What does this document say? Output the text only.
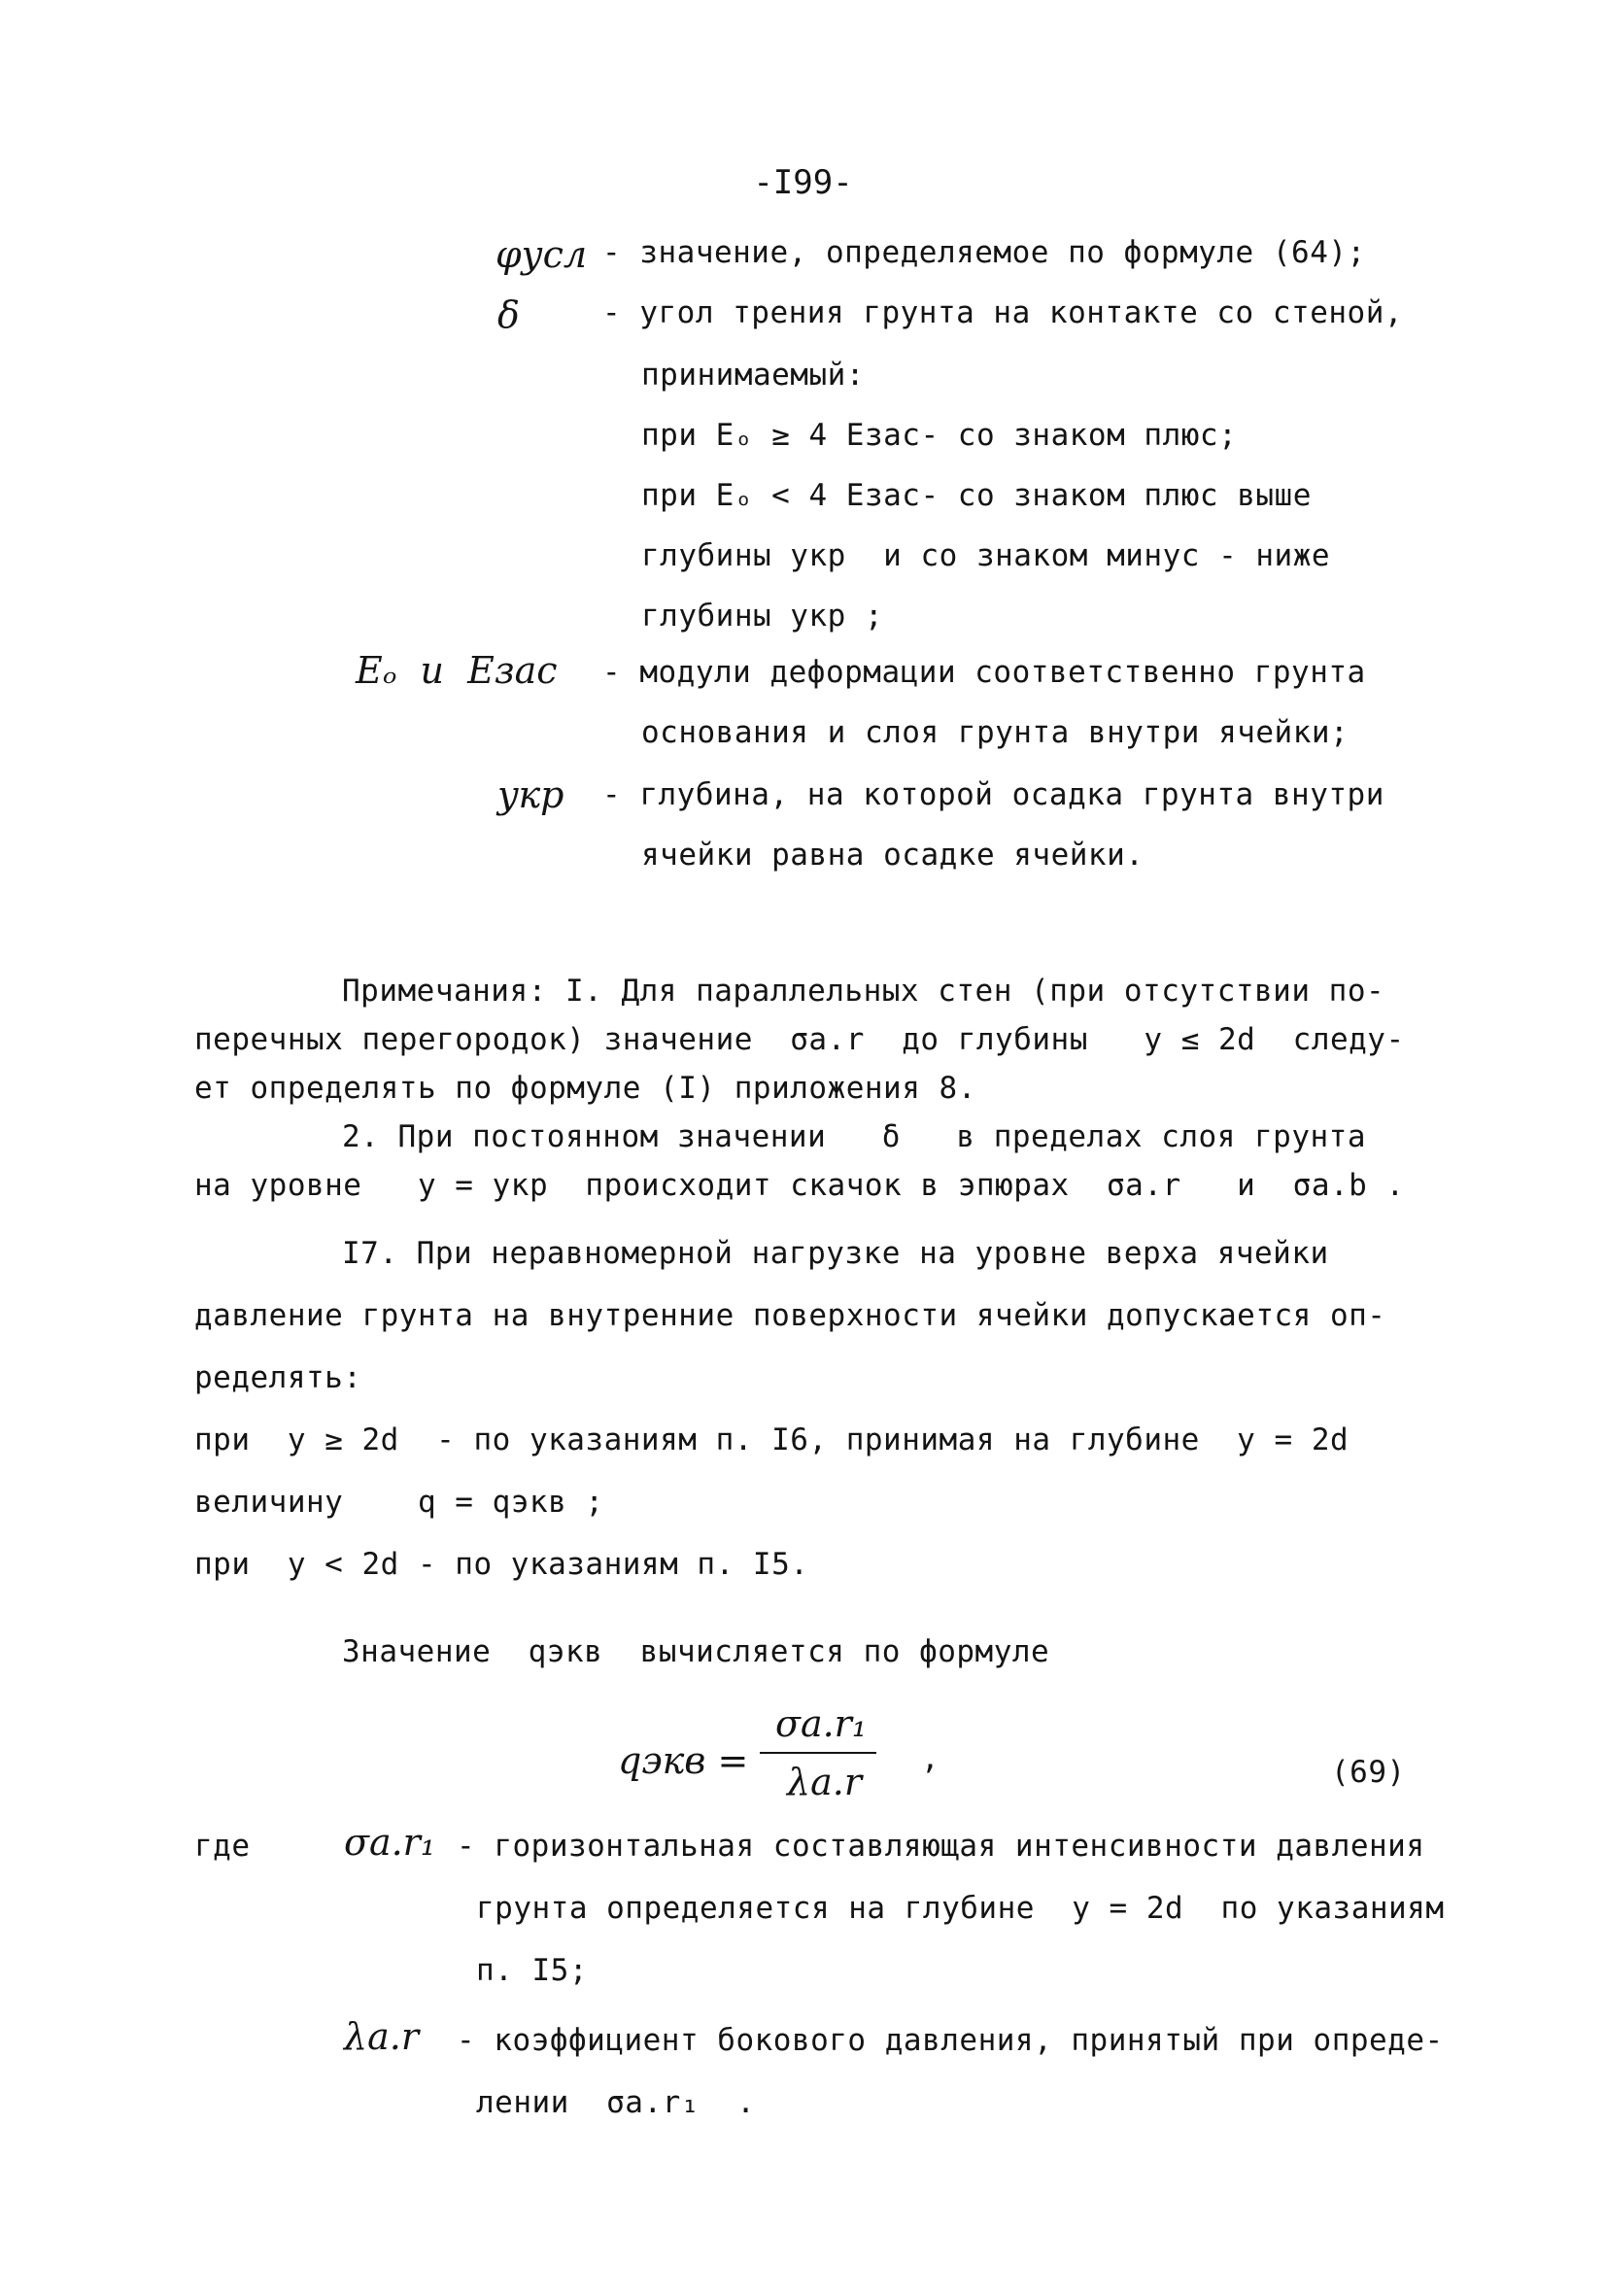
-I99-
φусл - значение, определяемое по формуле (64);
δ	- угол трения грунта на контакте со стеной,
принимаемый:
при Eₒ ≥ 4 Eзас- со знаком плюс;
при Eₒ < 4 Eзас- со знаком плюс выше
глубины yкр  и со знаком минус - ниже
глубины yкр ;
Eₒ  и  Eзас - модули деформации соответственно грунта
основания и слоя грунта внутри ячейки;
yкр - глубина, на которой осадка грунта внутри
ячейки равна осадке ячейки.
Примечания: I. Для параллельных стен (при отсутствии по-
перечных перегородок) значение  σa.r  до глубины   y ≤ 2d  следу-
ет определять по формуле (I) приложения 8.
2. При постоянном значении   δ   в пределах слоя грунта
на уровне   y = yкр  происходит скачок в эпюрах  σa.r   и  σa.b .
I7. При неравномерной нагрузке на уровне верха ячейки
давление грунта на внутренние поверхности ячейки допускается оп-
ределять:
при  y ≥ 2d  - по указаниям п. I6, принимая на глубине  y = 2d
величину    q = qэкв ;
при  y < 2d - по указаниям п. I5.
Значение  qэкв  вычисляется по формуле
qэкв =
σa.r₁
λa.r
,	(69)
где	σa.r₁ - горизонтальная составляющая интенсивности давления
грунта определяется на глубине  y = 2d  по указаниям
п. I5;
λa.r - коэффициент бокового давления, принятый при опреде-
лении  σa.r₁  .
